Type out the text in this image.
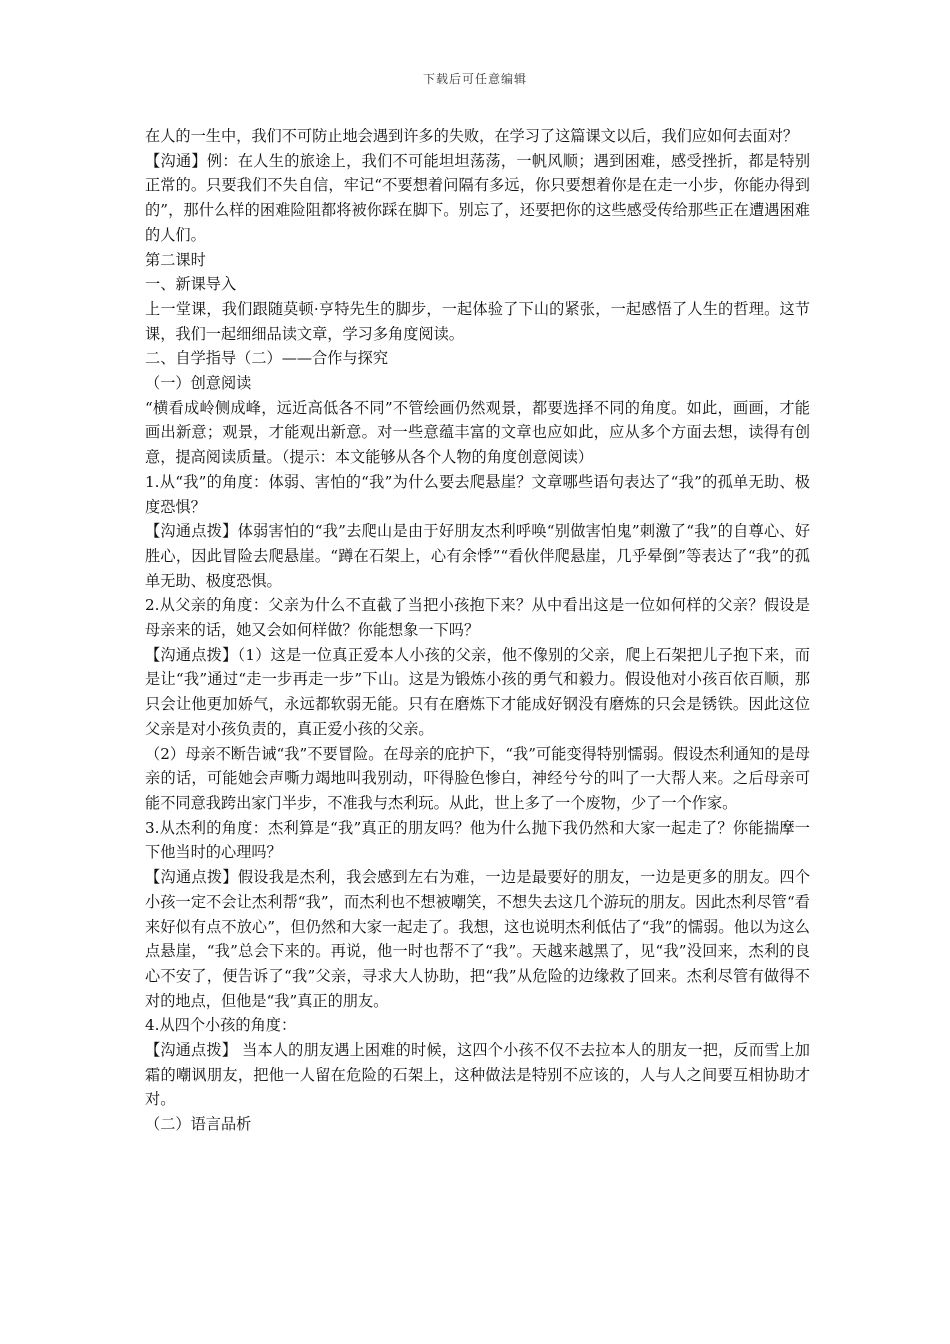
下载后可任意编辑

在人的一生中，我们不可防止地会遇到许多的失败，在学习了这篇课文以后，我们应如何去面对？

【沟通】例：在人生的旅途上，我们不可能坦坦荡荡，一帆风顺；遇到困难，感受挫折，都是特别正常的。只要我们不失自信，牢记“不要想着问隔有多远，你只要想着你是在走一小步，你能办得到的”，那什么样的困难险阻都将被你踩在脚下。别忘了，还要把你的这些感受传给那些正在遭遇困难的人们。

第二课时

一、新课导入

上一堂课，我们跟随莫顿·亨特先生的脚步，一起体验了下山的紧张，一起感悟了人生的哲理。这节课，我们一起细细品读文章，学习多角度阅读。

二、自学指导（二）——合作与探究

（一）创意阅读

“横看成岭侧成峰，远近高低各不同”不管绘画仍然观景，都要选择不同的角度。如此，画画，才能画出新意；观景，才能观出新意。对一些意蕴丰富的文章也应如此，应从多个方面去想，读得有创意，提高阅读质量。（提示：本文能够从各个人物的角度创意阅读）

1.从“我”的角度：体弱、害怕的“我”为什么要去爬悬崖？文章哪些语句表达了“我”的孤单无助、极度恐惧？

【沟通点拨】体弱害怕的“我”去爬山是由于好朋友杰利呼唤“别做害怕鬼”刺激了“我”的自尊心、好胜心，因此冒险去爬悬崖。“蹲在石架上，心有余悸”“看伙伴爬悬崖，几乎晕倒”等表达了“我”的孤单无助、极度恐惧。

2.从父亲的角度：父亲为什么不直截了当把小孩抱下来？从中看出这是一位如何样的父亲？假设是母亲来的话，她又会如何样做？你能想象一下吗？

【沟通点拨】（1）这是一位真正爱本人小孩的父亲，他不像别的父亲，爬上石架把儿子抱下来，而是让“我”通过“走一步再走一步”下山。这是为锻炼小孩的勇气和毅力。假设他对小孩百依百顺，那只会让他更加娇气，永远都软弱无能。只有在磨炼下才能成好钢没有磨炼的只会是锈铁。因此这位父亲是对小孩负责的，真正爱小孩的父亲。

（2）母亲不断告诫“我”不要冒险。在母亲的庇护下，“我”可能变得特别懦弱。假设杰利通知的是母亲的话，可能她会声嘶力竭地叫我别动，吓得脸色惨白，神经兮兮的叫了一大帮人来。之后母亲可能不同意我跨出家门半步，不准我与杰利玩。从此，世上多了一个废物，少了一个作家。

3.从杰利的角度：杰利算是“我”真正的朋友吗？他为什么抛下我仍然和大家一起走了？你能揣摩一下他当时的心理吗？

【沟通点拨】假设我是杰利，我会感到左右为难，一边是最要好的朋友，一边是更多的朋友。四个小孩一定不会让杰利帮“我”，而杰利也不想被嘲笑，不想失去这几个游玩的朋友。因此杰利尽管“看来好似有点不放心”，但仍然和大家一起走了。我想，这也说明杰利低估了“我”的懦弱。他以为这么点悬崖，“我”总会下来的。再说，他一时也帮不了“我”。天越来越黑了，见“我”没回来，杰利的良心不安了，便告诉了“我”父亲，寻求大人协助，把“我”从危险的边缘救了回来。杰利尽管有做得不对的地点，但他是“我”真正的朋友。

4.从四个小孩的角度：

【沟通点拨】 当本人的朋友遇上困难的时候，这四个小孩不仅不去拉本人的朋友一把，反而雪上加霜的嘲讽朋友，把他一人留在危险的石架上，这种做法是特别不应该的，人与人之间要互相协助才对。

（二）语言品析
